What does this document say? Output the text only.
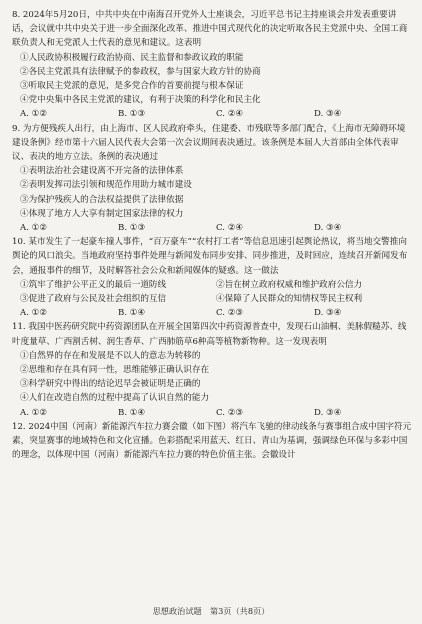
8. 2024年5月20日，中共中央在中南海召开党外人士座谈会，习近平总书记主持座谈会并发表重要讲话，会议就中共中央关于进一步全面深化改革、推进中国式现代化的决定听取各民主党派中央、全国工商联负责人和无党派人士代表的意见和建议。这表明
①人民政协积极履行政治协商、民主监督和参政议政的职能
②各民主党派具有法律赋予的参政权，参与国家大政方针的协商
③听取民主党派的意见，是多党合作的首要前提与根本保证
④党中央集中各民主党派的建议，有利于决策的科学化和民主化
A. ①②	B. ①③	C. ②④	D. ③④
9. 为方便残疾人出行，由上海市、区人民政府牵头，住建委、市残联等多部门配合，《上海市无障碍环境建设条例》经市第十六届人民代表大会第一次会议期间表决通过。该条例是本届人大首部由全体代表审议、表决的地方立法。条例的表决通过
①表明法治社会建设离不开完备的法律体系
②表明发挥司法引领和规范作用助力城市建设
③为保护残疾人的合法权益提供了法律依据
④体现了地方人大享有制定国家法律的权力
A. ①②	B. ①③	C. ②④	D. ③④
10. 某市发生了一起豪车撞人事件，“百万豪车”“农村打工者”等信息迅速引起舆论热议，将当地交警推向舆论的风口浪尖。当地政府坚持事件处理与新闻发布同步安排、同步推进，及时回应，连续召开新闻发布会，通报事件的细节，及时解答社会公众和新闻媒体的疑惑。这一做法
①筑牢了维护公平正义的最后一道防线	②旨在树立政府权威和维护政府公信力
③促进了政府与公民及社会组织的互信	④保障了人民群众的知情权等民主权利
A. ①②	B. ①④	C. ②③	D. ③④
11. 我国中医药研究院中药资源团队在开展全国第四次中药资源普查中，发现石山油桐、美脉假糙苏、线叶度量草、广西割舌树、润生香草、广西肺筋草6种高等植物新物种。这一发现表明
①自然界的存在和发展是不以人的意志为转移的
②思维和存在具有同一性，思维能够正确认识存在
③科学研究中得出的结论迟早会被证明是正确的
④人们在改造自然的过程中提高了认识自然的能力
A. ①②	B. ①④	C. ②③	D. ③④
12. 2024中国（河南）新能源汽车拉力赛会徽（如下图）将汽车飞驰的律动线条与赛事组合成中国字符元素，突显赛事的地域特色和文化宣播。色彩搭配采用蓝天、红日、青山为基调，强调绿色环保与多彩中国的理念，以体现中国（河南）新能源汽车拉力赛的特色价值主张。会徽设计
思想政治试题　第3页（共8页）
